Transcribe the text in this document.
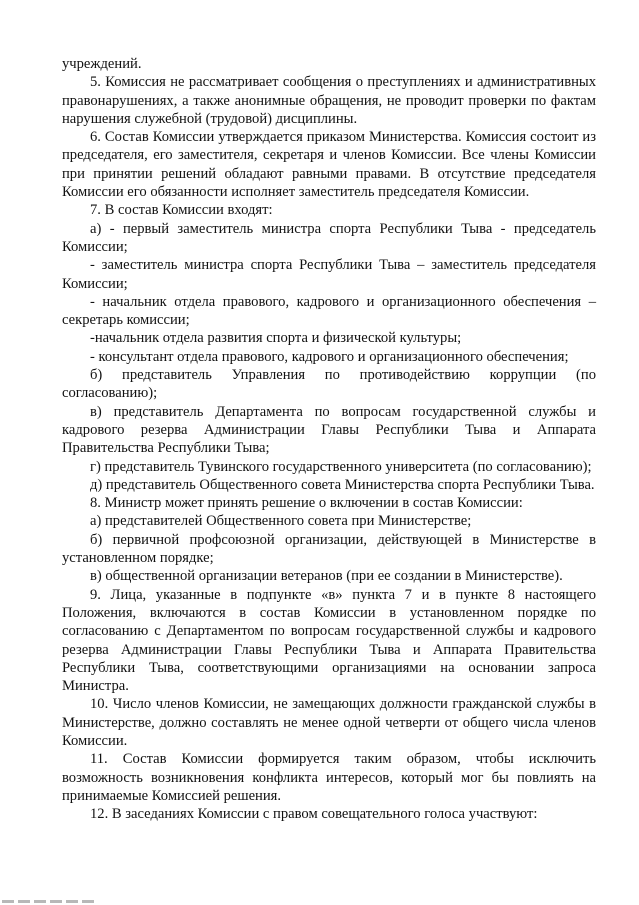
учреждений.

5. Комиссия не рассматривает сообщения о преступлениях и административных правонарушениях, а также анонимные обращения, не проводит проверки по фактам нарушения служебной (трудовой) дисциплины.

6. Состав Комиссии утверждается приказом Министерства. Комиссия состоит из председателя, его заместителя, секретаря и членов Комиссии. Все члены Комиссии при принятии решений обладают равными правами. В отсутствие председателя Комиссии его обязанности исполняет заместитель председателя Комиссии.

7. В состав Комиссии входят:

а) - первый заместитель министра спорта Республики Тыва - председатель Комиссии;

- заместитель министра спорта Республики Тыва – заместитель председателя Комиссии;

- начальник отдела правового, кадрового и организационного обеспечения – секретарь комиссии;

-начальник отдела развития спорта и физической культуры;

- консультант отдела правового, кадрового и организационного обеспечения;

б) представитель Управления по противодействию коррупции (по согласованию);

в) представитель Департамента по вопросам государственной службы и кадрового резерва Администрации Главы Республики Тыва и Аппарата Правительства Республики Тыва;

г) представитель Тувинского государственного университета (по согласованию);

д) представитель Общественного совета Министерства спорта Республики Тыва.

8. Министр может принять решение о включении в состав Комиссии:

а) представителей Общественного совета при Министерстве;

б) первичной профсоюзной организации, действующей в Министерстве в установленном порядке;

в) общественной организации ветеранов (при ее создании в Министерстве).

9. Лица, указанные в подпункте «в» пункта 7 и в пункте 8 настоящего Положения, включаются в состав Комиссии в установленном порядке по согласованию с Департаментом по вопросам государственной службы и кадрового резерва Администрации Главы Республики Тыва и Аппарата Правительства Республики Тыва, соответствующими организациями на основании запроса Министра.

10. Число членов Комиссии, не замещающих должности гражданской службы в Министерстве, должно составлять не менее одной четверти от общего числа членов Комиссии.

11. Состав Комиссии формируется таким образом, чтобы исключить возможность возникновения конфликта интересов, который мог бы повлиять на принимаемые Комиссией решения.

12. В заседаниях Комиссии с правом совещательного голоса участвуют:
